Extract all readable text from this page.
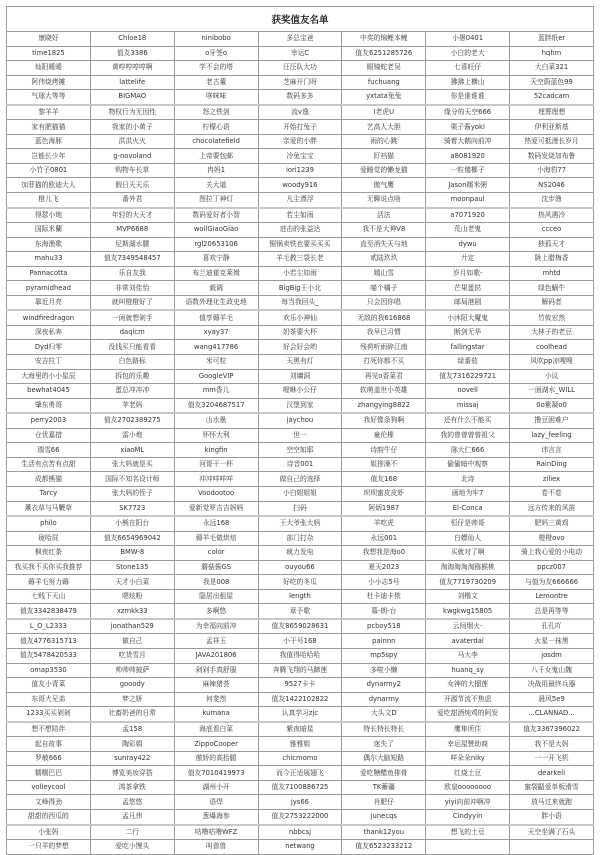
获奖值友名单						
康晓好	Chloe18	ninibobo	多总宝爸	中奖的锦鲤本鲤	小愚0401	蓝胖纸er
time1825	值友3386	o牙签o	幸运C	值友6251285726	小白的老大	hqhm
灿阳暖暖	黄哼哼哼哼啊	学不会的塔	汪汪队大功	眼镜蛇老吴	七喜旺仔	大白菜321
阿伟烧烤摊	lattelife	老古董	芝麻开门呀	fuchuang	狒狒上横山	天空蔚蓝色99
气球大等等	BIGMAO	哆咪味	数码多多	yxtata兔兔	你是谁谁谁	52cadcam
黎羊羊	物权行为无因性	怒之铁剑	流v逸	I老虎U	缘分的天空666	埋葬理想
家有肥猫猫	我家的小黄子	柠檬心语	开始打兔子	艺高人大胆	栗子酱yoki	伊利亚斯基
蓝色海豚	洪洪火火	chocolatefield	亲爱的小胖	雨的心跳	骑着大鹅向前冲	热爱可抵漫长岁月
岂能长少年	g-novoland	上帝要包邮	冷兔宝宝	盯裆猫	a8081920	数码发烧加布鲁
小竹子0801	购物车长草	冉妈1	iori1239	爱睡觉的懒龙猫	一粒傻椰子	小海豹77
加菲猫的欧迪大人	假日天天乐	关大道	woody916	傲气鹰	Jason糯米粥	NS2046
橙儿飞	番外君	图拉丁神灯	凡尘漂浮	无聊说点啥	moonpaul	沈步渔
得瑟小炮	年轻的大天才	数码爱好者小智	若尘如雨	活法	a7071920	热风遇冷
国际米蘭	MVP6688	wollGiaoGiao	进击的张益达	我不是大神V8	荒山老鬼	ccceo
东海渔歌	尼斯湖水腰	rgl20653106	锯锅卖铁也要买买买	直至消失天与地	dywu	独孤天才
mahu33	值友7349548457	喜欢宁静	羊毛教三袋长老	贰陆玖玖	廾定	陇上腊梅香
Pannacotta	乐自友我	布兰迪霍克莱姆	小若尘如雨	嫣山雪	岁月如歌-	mhtd
pyramidhead	非常刘佳怡	毅调	BigBig王小北	喵个橘子	芒果蛋挞	绿色蜗牛
靠近月亮	就叫橙橙好了	语数外理化生政史地	每当我回头_	只会因你唱	邮局港剧	解码者
windfiredragon	一闲就想剁手	值享薅羊毛	欢乐小神仙	无敌的我616868	小沐阳大魔鬼	竹攸宏然
深夜私奔	daqicm	xyay37	奶茶要大杯	我早已习惯	断剑无华	大林子的老豆
Dyd归零	没钱买只能看看	wang417786	好会好会哟	残荷听雨碎江南	fallingstar	coolhead
安吉拉丁	白色路标	米可粒	天黑有灯	打死你都不买	绿番茄	风吹pp凉嗖嗖
大海里的小小星辰	拆包的乐趣	GoogleVIP	刘墉洞	再见o香菜君	值友7316229721	小议
bewhat4045	蛋总冲冲冲	mm香儿	喔咻小公仔	软萌盖世小英雄	novell	一面湖水_WILL
肇东勇哥	苹老妈	值友3204687517	汉堡到家	zhangying8822	missaj	0o紫凝o0
perry2003	值友2702389275	山水墨	jaychou	我好像条狗啊	还有什么不能买	撸豆困难户
仓优嘉措	雷小炮	怀怀大利	世一	童伦橡	我的曾曾曾曾祖父	lazy_feeling
瑞雪66	xiaoML	kingfin	空空如耶	诗韵牛仔	陈大仁666	讳言言
生活有点苦有点甜	张大妈就是买	河哥干一杯	诗音001	姐搓澡不	偷偷暗中观察	RainDing
成都熊猫	国际不知名设计师	冲冲咩咩咩	做自己的选择	值友168	北诗	ziliex
Tarcy	张大妈的侄子	Voodootoo	小白姐姐姐	坝坝蜜皮皮虾	画地为牢7	卷不卷
薰衣草与马鞭草	SK7723	爱新觉罗吉吉妈妈	扫码	阿炳1987	El-Conca	远方传来的风笛
philo	小熊在阳台	永远168	王大爷张大妈	羊吃虎	恒仔是帅哥	肥妈三黄鸡
珑哈屁	值友6654969042	薅羊毛做烘焙	部门打杂	永远001	白嫖仙人	橙橙ovo
枫夜红茶	BMW-8	color	疯力发电	我想我是海o0	买就对了啊	骑上我心爱的小电动
我买我不买你买我推荐	Stone135	蘑菇酱GS	ouyou66	夏天2023	淘淘淘淘淘猕猴桃	ppcz007
薅羊毛努力薅	天才小白菜	我是008	好吃的冬瓜	小小志5号	值友7719730209	与值为友666666
七贱下天山	嗯炫粉	隐居出租屋	length	杜卡迪卡侬	刘楷文	Lemontre
值友3342838479	xzmkk33	多啊悠	章予歌	慕-朗-台	kwgkwg15805	总是再等等
L_O_L2333	jonathan529	为幸福向前冲	值友8659028631	pcboy518	云间烟火-	孔孔吖
值友4776315713	做自己	孟祥玉	小于号168	painnn	avaterdai	火星一抹黑
值友5478420533	吃货雪月	JAVA201806	我值得哈哈哈	mp5spy	马大李	josdm
omap3530	帅帅帅披萨	剁剁手真舒服	奔腾飞翔的马蹄莲	多啦小懒	huanq_sy	八千女鬼山魏
值友小青菜	gooody	麻辣猪荟	9527卡卡	dynarmy2	女神的大榴莲	决战用最终兵器
东哥大兄弟	梦之妍	何斐然	值友1422102822	dynarmy	开源节流不焦虑	晨风5e9
1233买买剁剁	社畜奶爸的日常	kumana	认真学习zjc	大头文D	爱吃甜酒炖鸡的阿发	...CLANNAD...
想不想陪伴	孟158	海底看白菜	紫夜暗星	特长特长特长	鹰隼所住	值友3367396022
起自故事	陶彩娟	ZippoCooper	雅雅姐	迷失了	幸运屋赞助商	我不是大妈
罗敏666	sunray422	傲娇的高抬腿	chicmomo	偶尔大脑短路	咩朵朵niky	一一开飞机
糯糯巴巴	博览美妆穿搭	值友7010419973	而今正适展翅飞	爱吃糖醋鱼排骨	红烧土豆	dearkeli
volleycool	鸿茶拿铁	湖州小开	值友7100886725	TK蓄疆	欧皇oooooooo	蜜袋鼯爱单板滑雪
文峰得劲	孟悠悠	语焊	jys66	肖肥仔	yiyi向前冲啊冲	放马过来就跑
甜甜的西瓜的	孟凡伟	葱爆海参	值友2753222000	junecqs	Cindyyin	胖小语
小张妈	二行	咕噜咕噜WFZ	nbbcsj	thank12you	想飞的土豆	天空坐满了石头
一只羊的梦想	爱吃小馒头	叫兽兽	netwang	值友6523233212		
